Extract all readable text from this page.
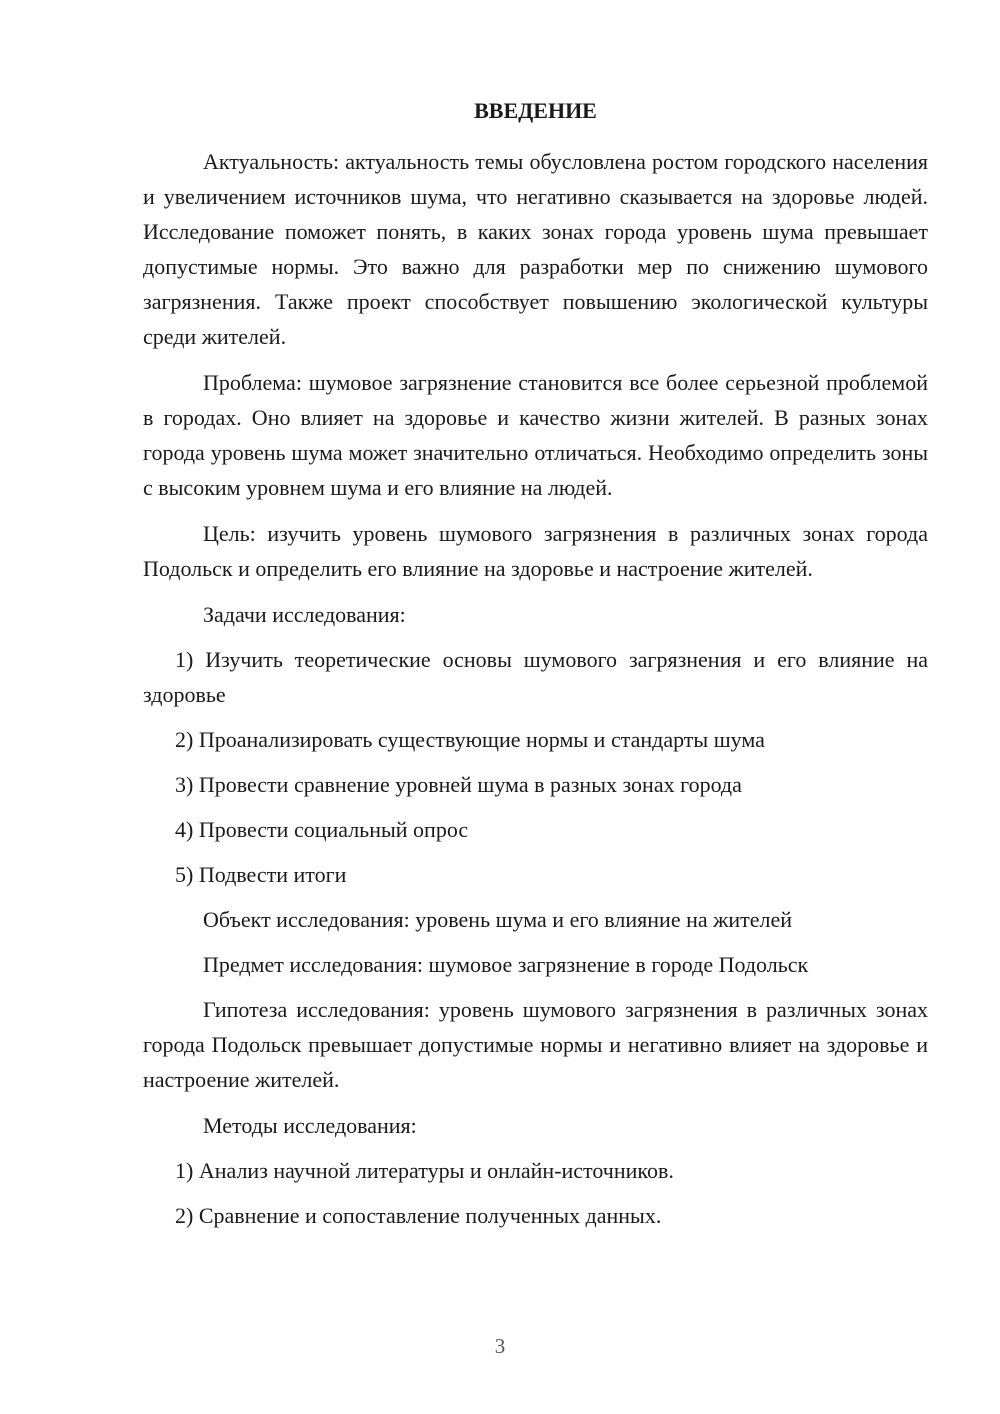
ВВЕДЕНИЕ

Актуальность: актуальность темы обусловлена ростом городского населения и увеличением источников шума, что негативно сказывается на здоровье людей. Исследование поможет понять, в каких зонах города уровень шума превышает допустимые нормы. Это важно для разработки мер по снижению шумового загрязнения. Также проект способствует повышению экологической культуры среди жителей.

Проблема: шумовое загрязнение становится все более серьезной проблемой в городах. Оно влияет на здоровье и качество жизни жителей. В разных зонах города уровень шума может значительно отличаться. Необходимо определить зоны с высоким уровнем шума и его влияние на людей.

Цель: изучить уровень шумового загрязнения в различных зонах города Подольск и определить его влияние на здоровье и настроение жителей.

Задачи исследования:

1) Изучить теоретические основы шумового загрязнения и его влияние на здоровье

2) Проанализировать существующие нормы и стандарты шума

3) Провести сравнение уровней шума в разных зонах города

4) Провести социальный опрос

5) Подвести итоги

Объект исследования: уровень шума и его влияние на жителей

Предмет исследования: шумовое загрязнение в городе Подольск

Гипотеза исследования: уровень шумового загрязнения в различных зонах города Подольск превышает допустимые нормы и негативно влияет на здоровье и настроение жителей.

Методы исследования:

1) Анализ научной литературы и онлайн-источников.

2) Сравнение и сопоставление полученных данных.

3
